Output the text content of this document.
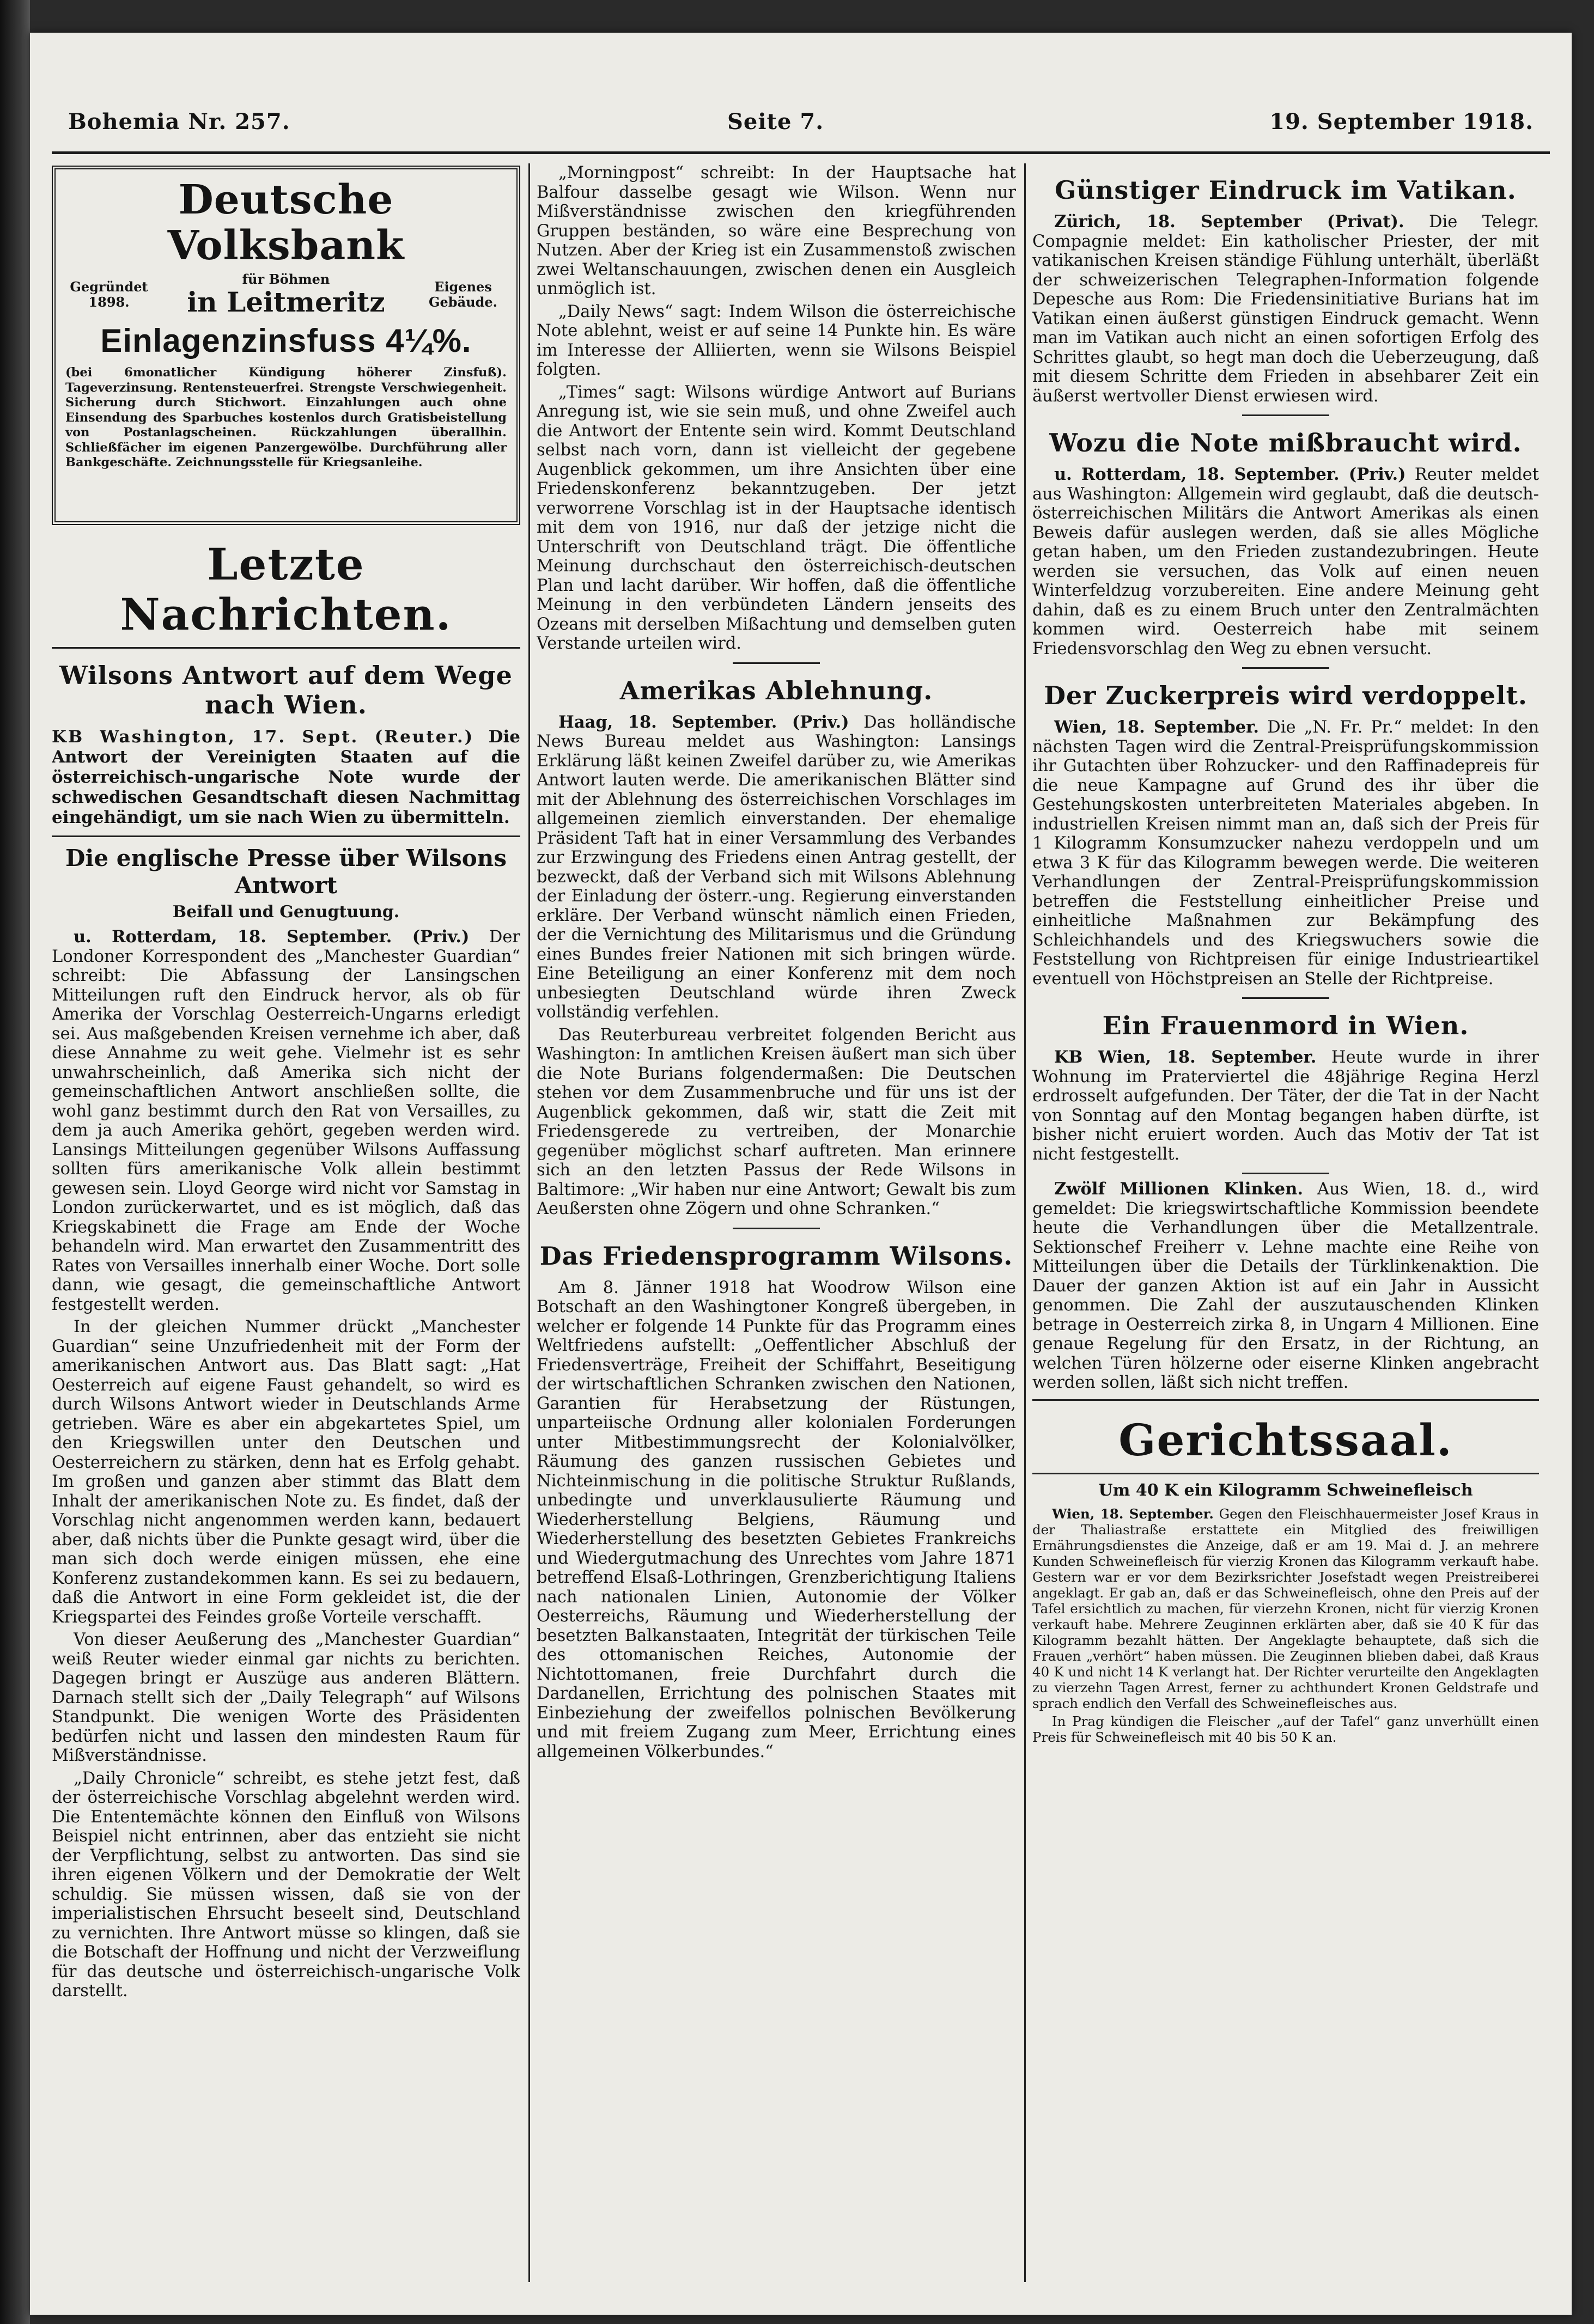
Bohemia Nr. 257.	Seite 7.	19. September 1918.
Deutsche Volksbank
Gegründet 1898.
für Böhmen
in Leitmeritz	Eigenes Gebäude.
Einlagenzinsfuss 4¼%.
(bei 6monatlicher Kündigung höherer Zinsfuß). Tageverzinsung. Rentensteuerfrei. Strengste Verschwiegenheit. Sicherung durch Stichwort. Einzahlungen auch ohne Einsendung des Sparbuches kostenlos durch Gratisbeistellung von Postanlagscheinen. Rückzahlungen überallhin. Schließfächer im eigenen Panzergewölbe. Durchführung aller Bankgeschäfte. Zeichnungsstelle für Kriegsanleihe.
Letzte Nachrichten.
Wilsons Antwort auf dem Wege nach Wien.
KB Washington, 17. Sept. (Reuter.) Die Antwort der Vereinigten Staaten auf die österreichisch-ungarische Note wurde der schwedischen Gesandtschaft diesen Nachmittag eingehändigt, um sie nach Wien zu übermitteln.
Die englische Presse über Wilsons Antwort
Beifall und Genugtuung.

u. Rotterdam, 18. September. (Priv.) Der Londoner Korrespondent des „Manchester Guardian“ schreibt: Die Abfassung der Lansingschen Mitteilungen ruft den Eindruck hervor, als ob für Amerika der Vorschlag Oesterreich-Ungarns erledigt sei. Aus maßgebenden Kreisen vernehme ich aber, daß diese Annahme zu weit gehe. Vielmehr ist es sehr unwahrscheinlich, daß Amerika sich nicht der gemeinschaftlichen Antwort anschließen sollte, die wohl ganz bestimmt durch den Rat von Versailles, zu dem ja auch Amerika gehört, gegeben werden wird. Lansings Mitteilungen gegenüber Wilsons Auffassung sollten fürs amerikanische Volk allein bestimmt gewesen sein. Lloyd George wird nicht vor Samstag in London zurückerwartet, und es ist möglich, daß das Kriegskabinett die Frage am Ende der Woche behandeln wird. Man erwartet den Zusammentritt des Rates von Versailles innerhalb einer Woche. Dort solle dann, wie gesagt, die gemeinschaftliche Antwort festgestellt werden.

In der gleichen Nummer drückt „Manchester Guardian“ seine Unzufriedenheit mit der Form der amerikanischen Antwort aus. Das Blatt sagt: „Hat Oesterreich auf eigene Faust gehandelt, so wird es durch Wilsons Antwort wieder in Deutschlands Arme getrieben. Wäre es aber ein abgekartetes Spiel, um den Kriegswillen unter den Deutschen und Oesterreichern zu stärken, denn hat es Erfolg gehabt. Im großen und ganzen aber stimmt das Blatt dem Inhalt der amerikanischen Note zu. Es findet, daß der Vorschlag nicht angenommen werden kann, bedauert aber, daß nichts über die Punkte gesagt wird, über die man sich doch werde einigen müssen, ehe eine Konferenz zustandekommen kann. Es sei zu bedauern, daß die Antwort in eine Form gekleidet ist, die der Kriegspartei des Feindes große Vorteile verschafft.

Von dieser Aeußerung des „Manchester Guardian“ weiß Reuter wieder einmal gar nichts zu berichten. Dagegen bringt er Auszüge aus anderen Blättern. Darnach stellt sich der „Daily Telegraph“ auf Wilsons Standpunkt. Die wenigen Worte des Präsidenten bedürfen nicht und lassen den mindesten Raum für Mißverständnisse.

„Daily Chronicle“ schreibt, es stehe jetzt fest, daß der österreichische Vorschlag abgelehnt werden wird. Die Ententemächte können den Einfluß von Wilsons Beispiel nicht entrinnen, aber das entzieht sie nicht der Verpflichtung, selbst zu antworten. Das sind sie ihren eigenen Völkern und der Demokratie der Welt schuldig. Sie müssen wissen, daß sie von der imperialistischen Ehrsucht beseelt sind, Deutschland zu vernichten. Ihre Antwort müsse so klingen, daß sie die Botschaft der Hoffnung und nicht der Verzweiflung für das deutsche und österreichisch-ungarische Volk darstellt.

„Morningpost“ schreibt: In der Hauptsache hat Balfour dasselbe gesagt wie Wilson. Wenn nur Mißverständnisse zwischen den kriegführenden Gruppen beständen, so wäre eine Besprechung von Nutzen. Aber der Krieg ist ein Zusammenstoß zwischen zwei Weltanschauungen, zwischen denen ein Ausgleich unmöglich ist.

„Daily News“ sagt: Indem Wilson die österreichische Note ablehnt, weist er auf seine 14 Punkte hin. Es wäre im Interesse der Alliierten, wenn sie Wilsons Beispiel folgten.

„Times“ sagt: Wilsons würdige Antwort auf Burians Anregung ist, wie sie sein muß, und ohne Zweifel auch die Antwort der Entente sein wird. Kommt Deutschland selbst nach vorn, dann ist vielleicht der gegebene Augenblick gekommen, um ihre Ansichten über eine Friedenskonferenz bekanntzugeben. Der jetzt verworrene Vorschlag ist in der Hauptsache identisch mit dem von 1916, nur daß der jetzige nicht die Unterschrift von Deutschland trägt. Die öffentliche Meinung durchschaut den österreichisch-deutschen Plan und lacht darüber. Wir hoffen, daß die öffentliche Meinung in den verbündeten Ländern jenseits des Ozeans mit derselben Mißachtung und demselben guten Verstande urteilen wird.

Amerikas Ablehnung.

Haag, 18. September. (Priv.) Das holländische News Bureau meldet aus Washington: Lansings Erklärung läßt keinen Zweifel darüber zu, wie Amerikas Antwort lauten werde. Die amerikanischen Blätter sind mit der Ablehnung des österreichischen Vorschlages im allgemeinen ziemlich einverstanden. Der ehemalige Präsident Taft hat in einer Versammlung des Verbandes zur Erzwingung des Friedens einen Antrag gestellt, der bezweckt, daß der Verband sich mit Wilsons Ablehnung der Einladung der österr.-ung. Regierung einverstanden erkläre. Der Verband wünscht nämlich einen Frieden, der die Vernichtung des Militarismus und die Gründung eines Bundes freier Nationen mit sich bringen würde. Eine Beteiligung an einer Konferenz mit dem noch unbesiegten Deutschland würde ihren Zweck vollständig verfehlen.

Das Reuterbureau verbreitet folgenden Bericht aus Washington: In amtlichen Kreisen äußert man sich über die Note Burians folgendermaßen: Die Deutschen stehen vor dem Zusammenbruche und für uns ist der Augenblick gekommen, daß wir, statt die Zeit mit Friedensgerede zu vertreiben, der Monarchie gegenüber möglichst scharf auftreten. Man erinnere sich an den letzten Passus der Rede Wilsons in Baltimore: „Wir haben nur eine Antwort; Gewalt bis zum Aeußersten ohne Zögern und ohne Schranken.“

Das Friedensprogramm Wilsons.

Am 8. Jänner 1918 hat Woodrow Wilson eine Botschaft an den Washingtoner Kongreß übergeben, in welcher er folgende 14 Punkte für das Programm eines Weltfriedens aufstellt: „Oeffentlicher Abschluß der Friedensverträge, Freiheit der Schiffahrt, Beseitigung der wirtschaftlichen Schranken zwischen den Nationen, Garantien für Herabsetzung der Rüstungen, unparteiische Ordnung aller kolonialen Forderungen unter Mitbestimmungsrecht der Kolonialvölker, Räumung des ganzen russischen Gebietes und Nichteinmischung in die politische Struktur Rußlands, unbedingte und unverklausulierte Räumung und Wiederherstellung Belgiens, Räumung und Wiederherstellung des besetzten Gebietes Frankreichs und Wiedergutmachung des Unrechtes vom Jahre 1871 betreffend Elsaß-Lothringen, Grenzberichtigung Italiens nach nationalen Linien, Autonomie der Völker Oesterreichs, Räumung und Wiederherstellung der besetzten Balkanstaaten, Integrität der türkischen Teile des ottomanischen Reiches, Autonomie der Nichtottomanen, freie Durchfahrt durch die Dardanellen, Errichtung des polnischen Staates mit Einbeziehung der zweifellos polnischen Bevölkerung und mit freiem Zugang zum Meer, Errichtung eines allgemeinen Völkerbundes.“

Günstiger Eindruck im Vatikan.

Zürich, 18. September (Privat). Die Telegr. Compagnie meldet: Ein katholischer Priester, der mit vatikanischen Kreisen ständige Fühlung unterhält, überläßt der schweizerischen Telegraphen-Information folgende Depesche aus Rom: Die Friedensinitiative Burians hat im Vatikan einen äußerst günstigen Eindruck gemacht. Wenn man im Vatikan auch nicht an einen sofortigen Erfolg des Schrittes glaubt, so hegt man doch die Ueberzeugung, daß mit diesem Schritte dem Frieden in absehbarer Zeit ein äußerst wertvoller Dienst erwiesen wird.

Wozu die Note mißbraucht wird.

u. Rotterdam, 18. September. (Priv.) Reuter meldet aus Washington: Allgemein wird geglaubt, daß die deutsch-österreichischen Militärs die Antwort Amerikas als einen Beweis dafür auslegen werden, daß sie alles Mögliche getan haben, um den Frieden zustandezubringen. Heute werden sie versuchen, das Volk auf einen neuen Winterfeldzug vorzubereiten. Eine andere Meinung geht dahin, daß es zu einem Bruch unter den Zentralmächten kommen wird. Oesterreich habe mit seinem Friedensvorschlag den Weg zu ebnen versucht.

Der Zuckerpreis wird verdoppelt.

Wien, 18. September. Die „N. Fr. Pr.“ meldet: In den nächsten Tagen wird die Zentral-Preisprüfungskommission ihr Gutachten über Rohzucker- und den Raffinadepreis für die neue Kampagne auf Grund des ihr über die Gestehungskosten unterbreiteten Materiales abgeben. In industriellen Kreisen nimmt man an, daß sich der Preis für 1 Kilogramm Konsumzucker nahezu verdoppeln und um etwa 3 K für das Kilogramm bewegen werde. Die weiteren Verhandlungen der Zentral-Preisprüfungskommission betreffen die Feststellung einheitlicher Preise und einheitliche Maßnahmen zur Bekämpfung des Schleichhandels und des Kriegswuchers sowie die Feststellung von Richtpreisen für einige Industrieartikel eventuell von Höchstpreisen an Stelle der Richtpreise.

Ein Frauenmord in Wien.

KB Wien, 18. September. Heute wurde in ihrer Wohnung im Praterviertel die 48jährige Regina Herzl erdrosselt aufgefunden. Der Täter, der die Tat in der Nacht von Sonntag auf den Montag begangen haben dürfte, ist bisher nicht eruiert worden. Auch das Motiv der Tat ist nicht festgestellt.

Zwölf Millionen Klinken. Aus Wien, 18. d., wird gemeldet: Die kriegswirtschaftliche Kommission beendete heute die Verhandlungen über die Metallzentrale. Sektionschef Freiherr v. Lehne machte eine Reihe von Mitteilungen über die Details der Türklinkenaktion. Die Dauer der ganzen Aktion ist auf ein Jahr in Aussicht genommen. Die Zahl der auszutauschenden Klinken betrage in Oesterreich zirka 8, in Ungarn 4 Millionen. Eine genaue Regelung für den Ersatz, in der Richtung, an welchen Türen hölzerne oder eiserne Klinken angebracht werden sollen, läßt sich nicht treffen.

Gerichtssaal.
Um 40 K ein Kilogramm Schweinefleisch

Wien, 18. September. Gegen den Fleischhauermeister Josef Kraus in der Thaliastraße erstattete ein Mitglied des freiwilligen Ernährungsdienstes die Anzeige, daß er am 19. Mai d. J. an mehrere Kunden Schweinefleisch für vierzig Kronen das Kilogramm verkauft habe. Gestern war er vor dem Bezirksrichter Josefstadt wegen Preistreiberei angeklagt. Er gab an, daß er das Schweinefleisch, ohne den Preis auf der Tafel ersichtlich zu machen, für vierzehn Kronen, nicht für vierzig Kronen verkauft habe. Mehrere Zeuginnen erklärten aber, daß sie 40 K für das Kilogramm bezahlt hätten. Der Angeklagte behauptete, daß sich die Frauen „verhört“ haben müssen. Die Zeuginnen blieben dabei, daß Kraus 40 K und nicht 14 K verlangt hat. Der Richter verurteilte den Angeklagten zu vierzehn Tagen Arrest, ferner zu achthundert Kronen Geldstrafe und sprach endlich den Verfall des Schweinefleisches aus.

In Prag kündigen die Fleischer „auf der Tafel“ ganz unverhüllt einen Preis für Schweinefleisch mit 40 bis 50 K an.
